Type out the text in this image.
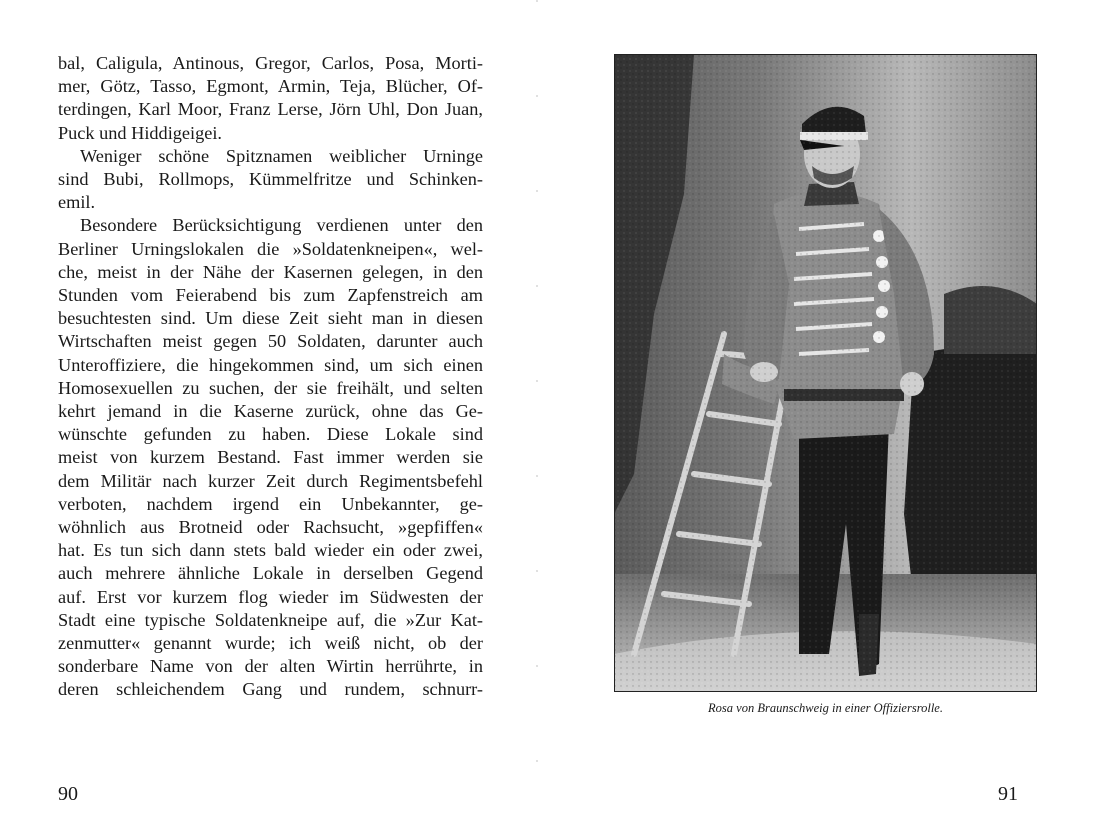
bal, Caligula, Antinous, Gregor, Carlos, Posa, Morti-
mer, Götz, Tasso, Egmont, Armin, Teja, Blücher, Of-
terdingen, Karl Moor, Franz Lerse, Jörn Uhl, Don Juan,
Puck und Hiddigeigei.
Weniger schöne Spitznamen weiblicher Urninge
sind Bubi, Rollmops, Kümmelfritze und Schinken-
emil.
Besondere Berücksichtigung verdienen unter den
Berliner Urningslokalen die »Soldatenkneipen«, wel-
che, meist in der Nähe der Kasernen gelegen, in den
Stunden vom Feierabend bis zum Zapfenstreich am
besuchtesten sind. Um diese Zeit sieht man in diesen
Wirtschaften meist gegen 50 Soldaten, darunter auch
Unteroffiziere, die hingekommen sind, um sich einen
Homosexuellen zu suchen, der sie freihält, und selten
kehrt jemand in die Kaserne zurück, ohne das Ge-
wünschte gefunden zu haben. Diese Lokale sind
meist von kurzem Bestand. Fast immer werden sie
dem Militär nach kurzer Zeit durch Regimentsbefehl
verboten, nachdem irgend ein Unbekannter, ge-
wöhnlich aus Brotneid oder Rachsucht, »gepfiffen«
hat. Es tun sich dann stets bald wieder ein oder zwei,
auch mehrere ähnliche Lokale in derselben Gegend
auf. Erst vor kurzem flog wieder im Südwesten der
Stadt eine typische Soldatenkneipe auf, die »Zur Kat-
zenmutter« genannt wurde; ich weiß nicht, ob der
sonderbare Name von der alten Wirtin herrührte, in
deren schleichendem Gang und rundem, schnurr-
90
Rosa von Braunschweig in einer Offiziersrolle.
91
